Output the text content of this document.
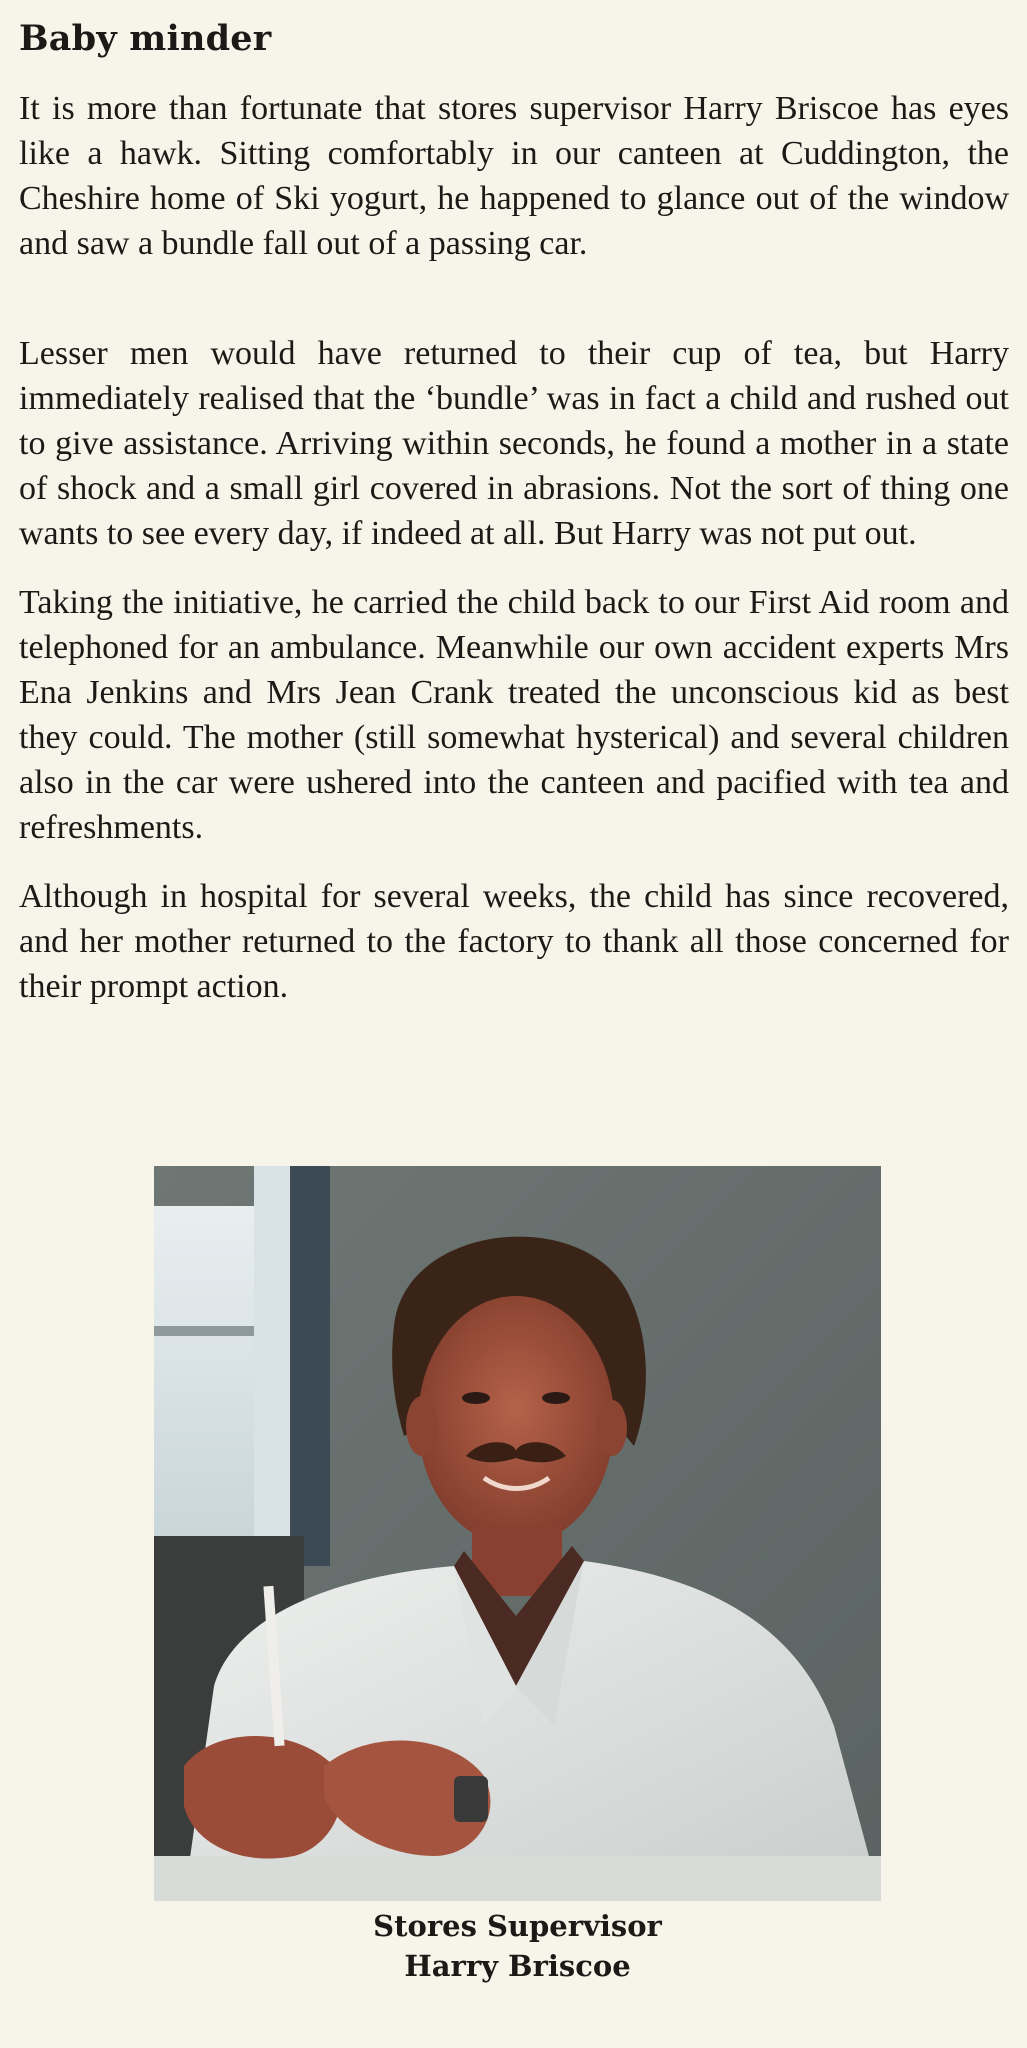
Baby minder

It is more than fortunate that stores supervisor Harry Briscoe has eyes like a hawk. Sitting comfortably in our canteen at Cuddington, the Cheshire home of Ski yogurt, he happened to glance out of the window and saw a bundle fall out of a passing car.

Lesser men would have returned to their cup of tea, but Harry immediately realised that the ‘bundle’ was in fact a child and rushed out to give assistance. Arriving within seconds, he found a mother in a state of shock and a small girl covered in abrasions. Not the sort of thing one wants to see every day, if indeed at all. But Harry was not put out.

Taking the initiative, he carried the child back to our First Aid room and telephoned for an ambulance. Meanwhile our own accident experts Mrs Ena Jenkins and Mrs Jean Crank treated the unconscious kid as best they could. The mother (still somewhat hysterical) and several children also in the car were ushered into the canteen and pacified with tea and refreshments.

Although in hospital for several weeks, the child has since recovered, and her mother returned to the factory to thank all those concerned for their prompt action.

Stores Supervisor
Harry Briscoe
